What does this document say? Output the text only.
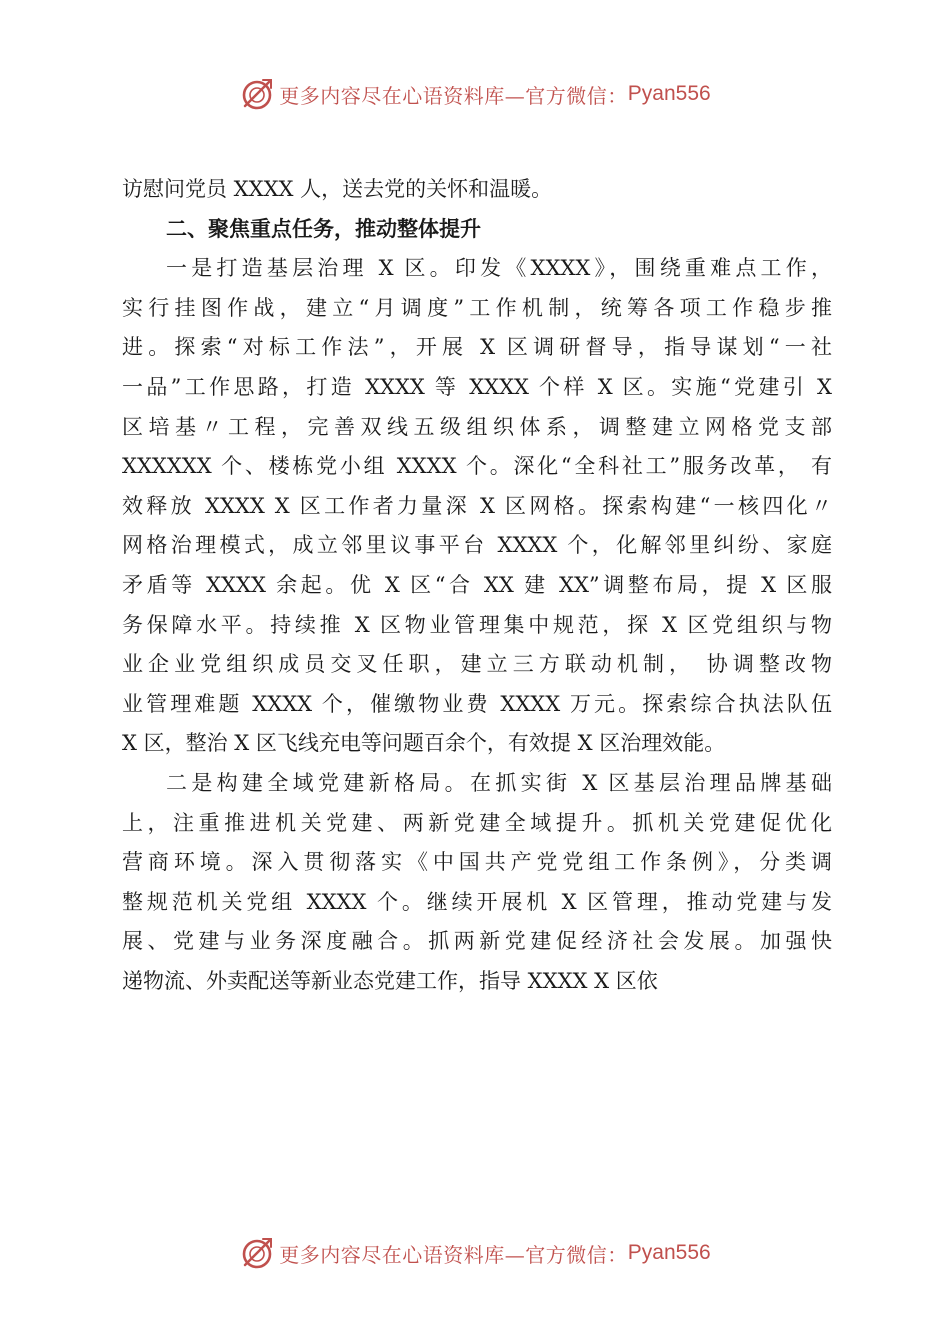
更多内容尽在心语资料库—官方微信： Pyan556
访慰问党员 XXXX 人，送去党的关怀和温暖。
二、聚焦重点任务，推动整体提升
一是打造基层治理 X 区。印发《XXXX》，围绕重难点工作，
实行挂图作战，建立“月调度”工作机制，统筹各项工作稳步推
进。探索“对标工作法”，开展 X 区调研督导，指导谋划“一社
一品”工作思路，打造 XXXX 等 XXXX 个样 X 区。实施“党建引 X
区培基〃工程，完善双线五级组织体系，调整建立网格党支部
XXXXXX 个、楼栋党小组 XXXX 个。深化“全科社工”服务改革， 有
效释放 XXXX X 区工作者力量深 X 区网格。探索构建“一核四化〃
网格治理模式，成立邻里议事平台 XXXX 个，化解邻里纠纷、家庭
矛盾等 XXXX 余起。优 X 区“合 XX 建 XX”调整布局，提 X 区服
务保障水平。持续推 X 区物业管理集中规范，探 X 区党组织与物
业企业党组织成员交叉任职，建立三方联动机制， 协调整改物
业管理难题 XXXX 个，催缴物业费 XXXX 万元。探索综合执法队伍
X 区，整治 X 区飞线充电等问题百余个，有效提 X 区治理效能。
二是构建全域党建新格局。在抓实街 X 区基层治理品牌基础
上，注重推进机关党建、两新党建全域提升。抓机关党建促优化
营商环境。深入贯彻落实《中国共产党党组工作条例》，分类调
整规范机关党组 XXXX 个。继续开展机 X 区管理，推动党建与发
展、党建与业务深度融合。抓两新党建促经济社会发展。加强快
递物流、外卖配送等新业态党建工作，指导 XXXX X 区依
更多内容尽在心语资料库—官方微信： Pyan556
